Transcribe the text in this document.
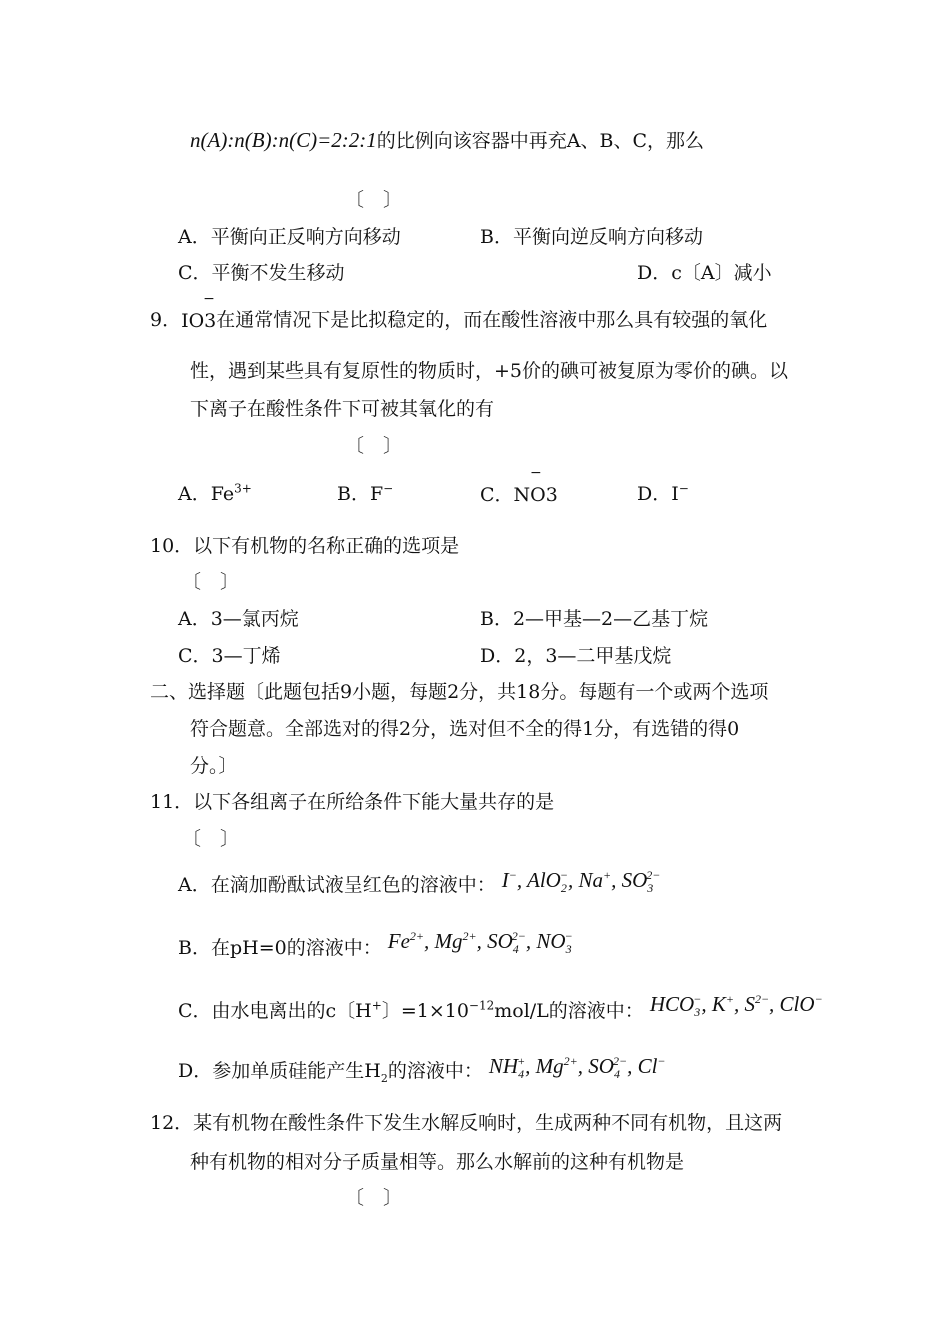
n(A):n(B):n(C)=2:2:1的比例向该容器中再充A、B、C，那么
〔　〕
A．平衡向正反响方向移动	B．平衡向逆反响方向移动
C．平衡不发生移动	D．c〔A〕减小
9．
−
IO3在通常情况下是比拟稳定的，而在酸性溶液中那么具有较强的氧化
性，遇到某些具有复原性的物质时，+5价的碘可被复原为零价的碘。以
下离子在酸性条件下可被其氧化的有
〔　〕
A．$Fe^{3+}$	B．F−
−
C．NO3	D．I−
10．以下有机物的名称正确的选项是
〔　〕
A．3—氯丙烷	B．2—甲基—2—乙基丁烷
C．3—丁烯	D．2，3—二甲基戊烷
二、选择题〔此题包括9小题，每题2分，共18分。每题有一个或两个选项
符合题意。全部选对的得2分，选对但不全的得1分，有选错的得0
分。〕
11．以下各组离子在所给条件下能大量共存的是
〔　〕
A．在滴加酚酞试液呈红色的溶液中： I−, AlO$_2$−, Na+, $SO_3^{2-}$
B．在pH=0的溶液中： $Fe^{2+}$, $Mg^{2+}$, $SO_4^{2-}$, $NO_3^-$
C．由水电离出的c〔H+〕$=1\times 10^{-12}mol/L$的溶液中： $HCO_3^-$, K+, $S^{2-}$, ClO−
D．参加单质硅能产生$H_2$的溶液中： $NH_4^+$, $Mg^{2+}$, $SO_4^{2-}$, Cl−
12．某有机物在酸性条件下发生水解反响时，生成两种不同有机物，且这两
种有机物的相对分子质量相等。那么水解前的这种有机物是
〔　〕
